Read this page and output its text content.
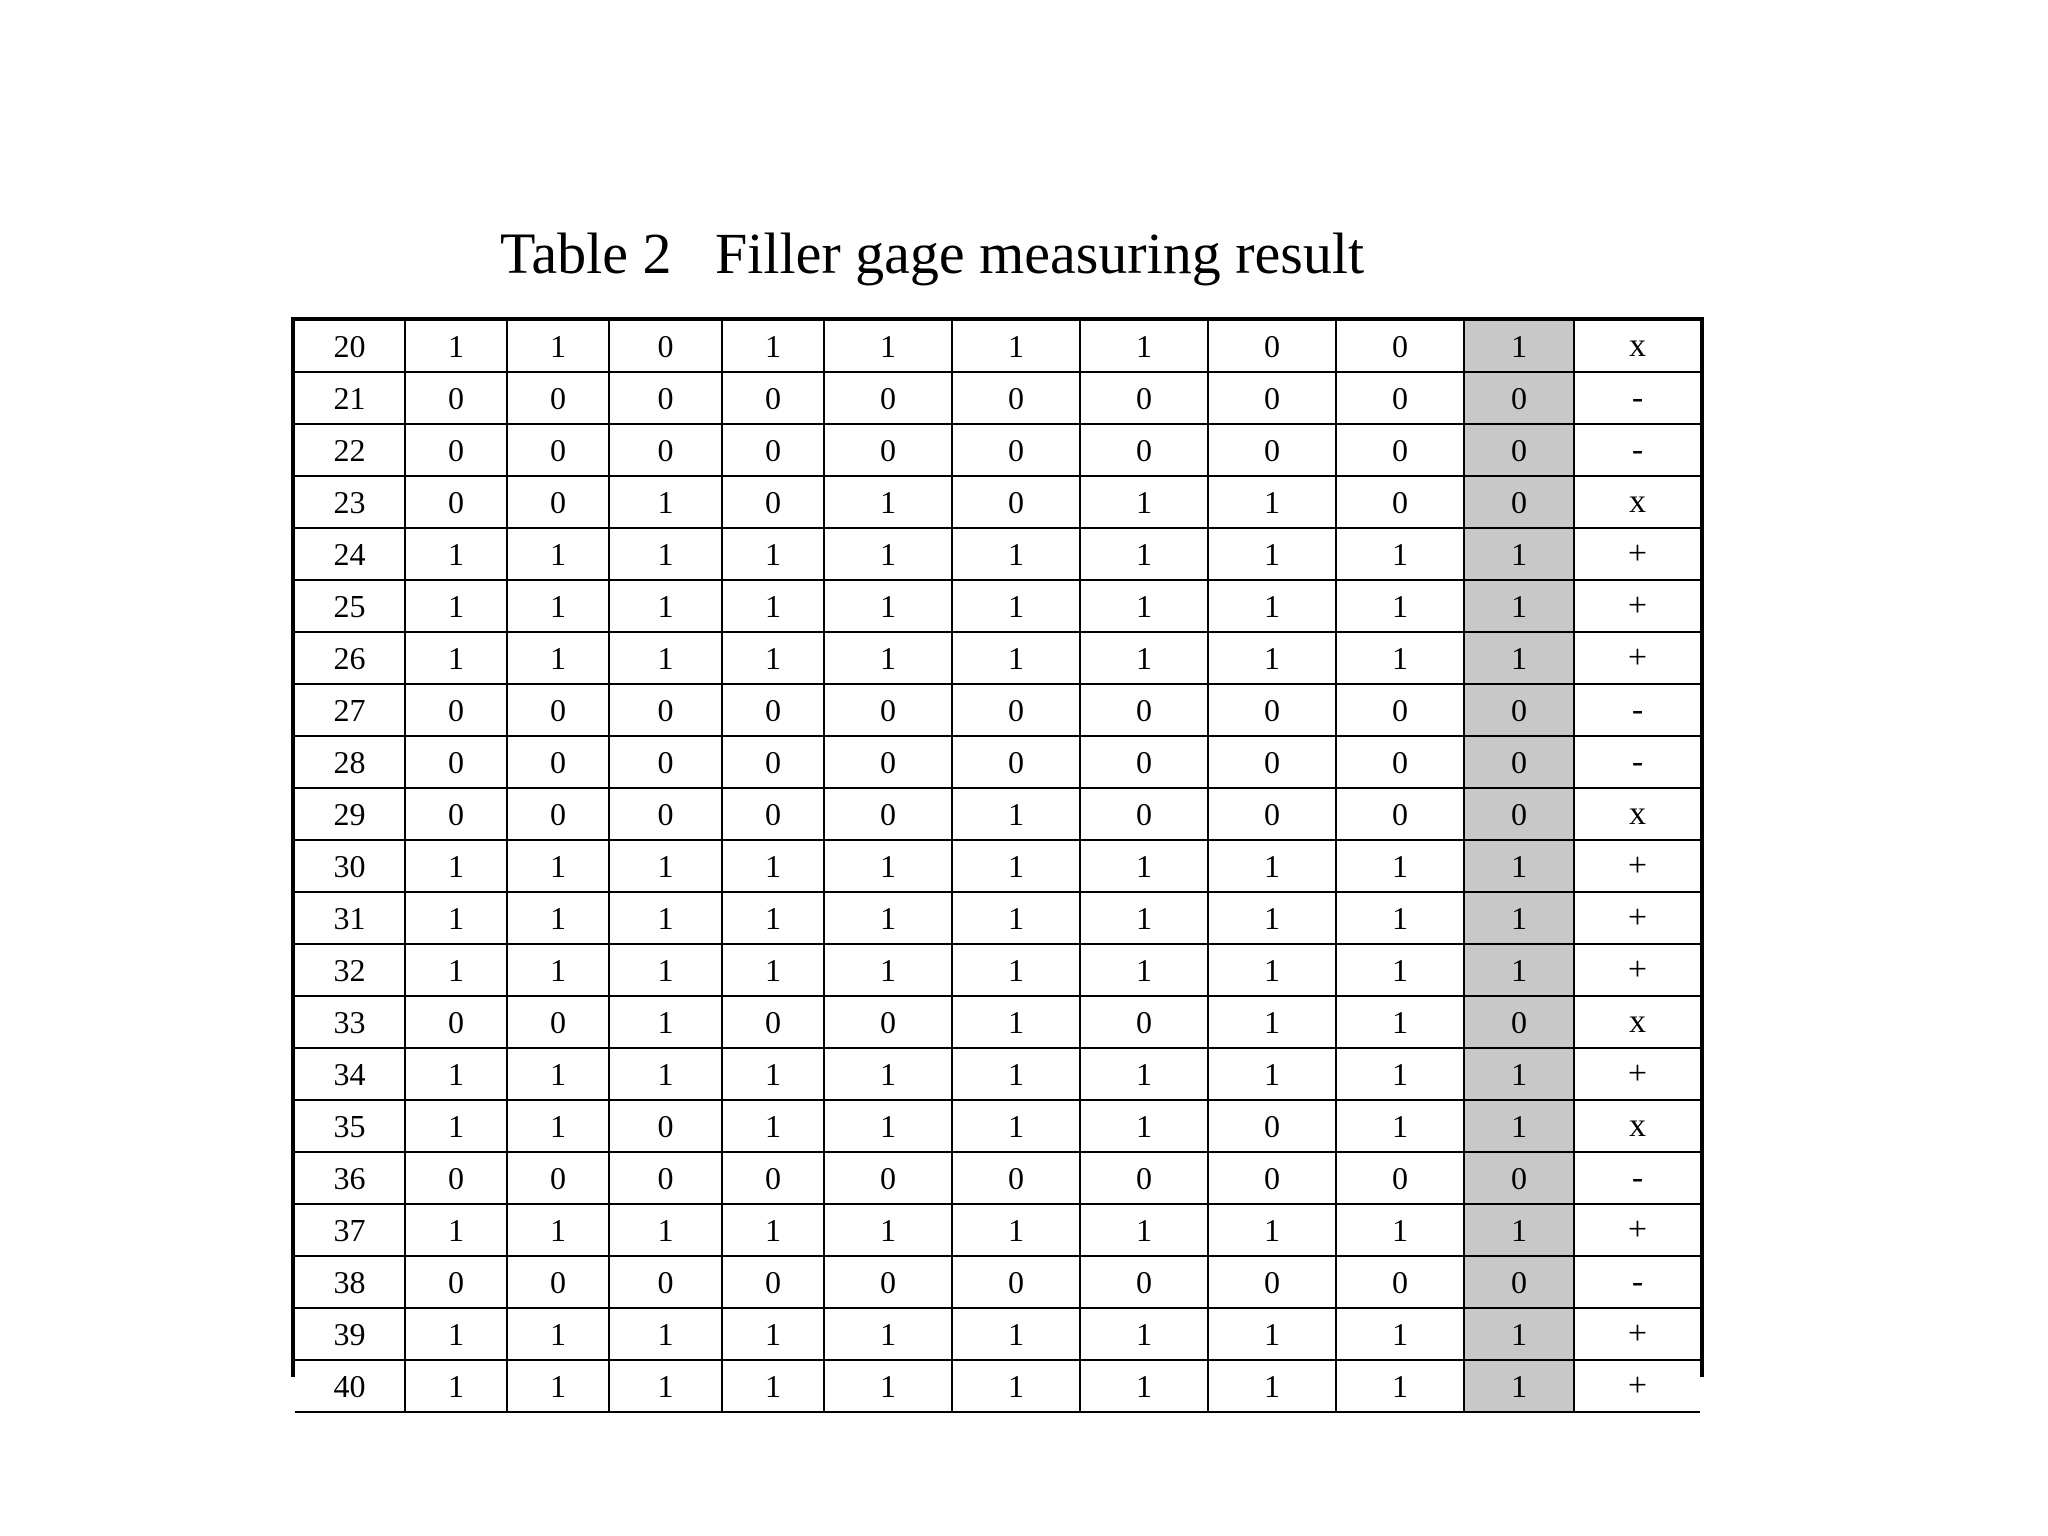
Table 2   Filler gage measuring result
20	1	1	0	1	1	1	1	0	0	1	x
21	0	0	0	0	0	0	0	0	0	0	-
22	0	0	0	0	0	0	0	0	0	0	-
23	0	0	1	0	1	0	1	1	0	0	x
24	1	1	1	1	1	1	1	1	1	1	+
25	1	1	1	1	1	1	1	1	1	1	+
26	1	1	1	1	1	1	1	1	1	1	+
27	0	0	0	0	0	0	0	0	0	0	-
28	0	0	0	0	0	0	0	0	0	0	-
29	0	0	0	0	0	1	0	0	0	0	x
30	1	1	1	1	1	1	1	1	1	1	+
31	1	1	1	1	1	1	1	1	1	1	+
32	1	1	1	1	1	1	1	1	1	1	+
33	0	0	1	0	0	1	0	1	1	0	x
34	1	1	1	1	1	1	1	1	1	1	+
35	1	1	0	1	1	1	1	0	1	1	x
36	0	0	0	0	0	0	0	0	0	0	-
37	1	1	1	1	1	1	1	1	1	1	+
38	0	0	0	0	0	0	0	0	0	0	-
39	1	1	1	1	1	1	1	1	1	1	+
40	1	1	1	1	1	1	1	1	1	1	+
